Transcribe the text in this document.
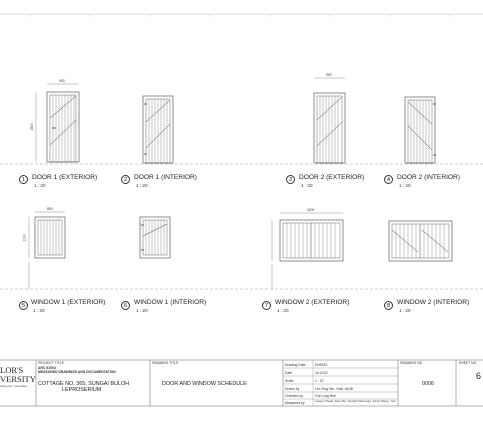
900
1900
900
800
1100
1100
1	DOOR 1 (EXTERIOR)
1 : 20
2	DOOR 1 (INTERIOR)
1 : 20
3	DOOR 2 (EXTERIOR)
1 : 20
4	DOOR 2 (INTERIOR)
1 : 20
5 WINDOW 1 (EXTERIOR)
1 : 20
6	WINDOW 1 (INTERIOR)
1 : 20
7	WINDOW 2 (EXTERIOR)
1 : 20
8	WINDOW 2 (INTERIOR)
1 : 20
LOR'S
VERSITY
Ishing Up · Innovation
PROJECT TITLE
ARC 61904
MEASURED DRAWINGS AND DOCUMENTATION
COTTAGE NO. 365, SUNGAI BULOH
LEPROSERIUM
DRAWING TITLE
DOOR AND WINDOW SCHEDULE
Drawing Date	DH9022
Date	11/11/22
Scale	1 : 20
Drawn by	Lim Ying Hin, Yoke Jia Mi
Checked by	Goh Ling Hee
Measured by	Leiwen Tiwari, Alan Teo, Nurafini Moorogn, Kevin Wong, Yan
DRAWING NO.
0006
SHEET NO.
6
